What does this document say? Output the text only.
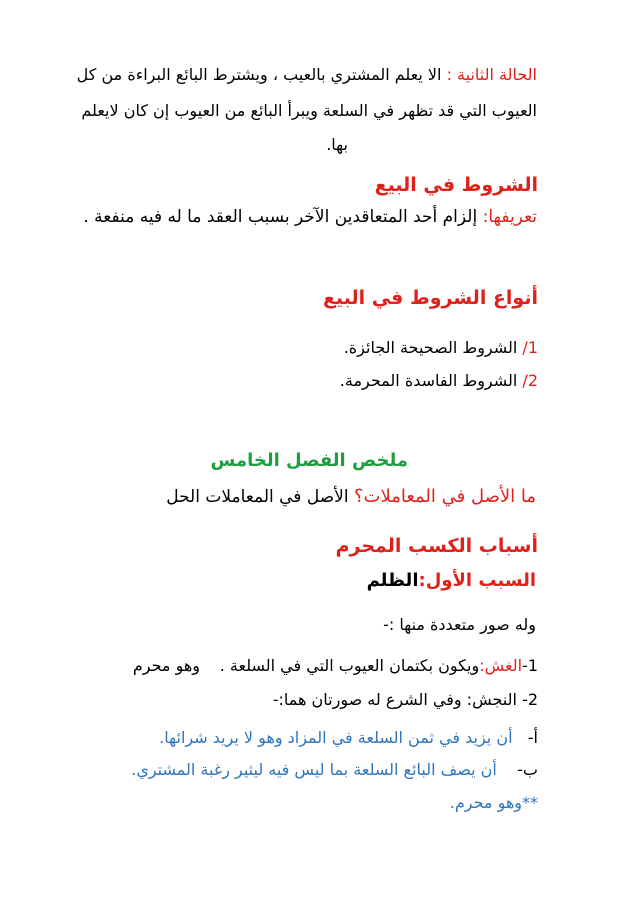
الحالة الثانية : الا يعلم المشتري بالعيب ، ويشترط البائع البراءة من كل
العيوب التي قد تظهر في السلعة ويبرأ البائع من العيوب إن كان لايعلم
بها.
الشروط في البيع
تعريفها: إلزام أحد المتعاقدين الآخر بسبب العقد ما له فيه منفعة .
أنواع الشروط في البيع
1/ الشروط الصحيحة الجائزة.
2/ الشروط الفاسدة المحرمة.
ملخص الفصل الخامس
ما الأصل في المعاملات؟ الأصل في المعاملات الحل
أسباب الكسب المحرم
السبب الأول:الظلم
وله صور متعددة منها :-
1-الغش:ويكون بكتمان العيوب التي في السلعة .
وهو محرم
2- النجش: وفي الشرع له صورتان هما:-
أ-   أن يزيد في ثمن السلعة في المزاد وهو لا يريد شرائها.
ب-    أن يصف البائع السلعة بما ليس فيه ليثير رغبة المشتري.
**وهو محرم.
